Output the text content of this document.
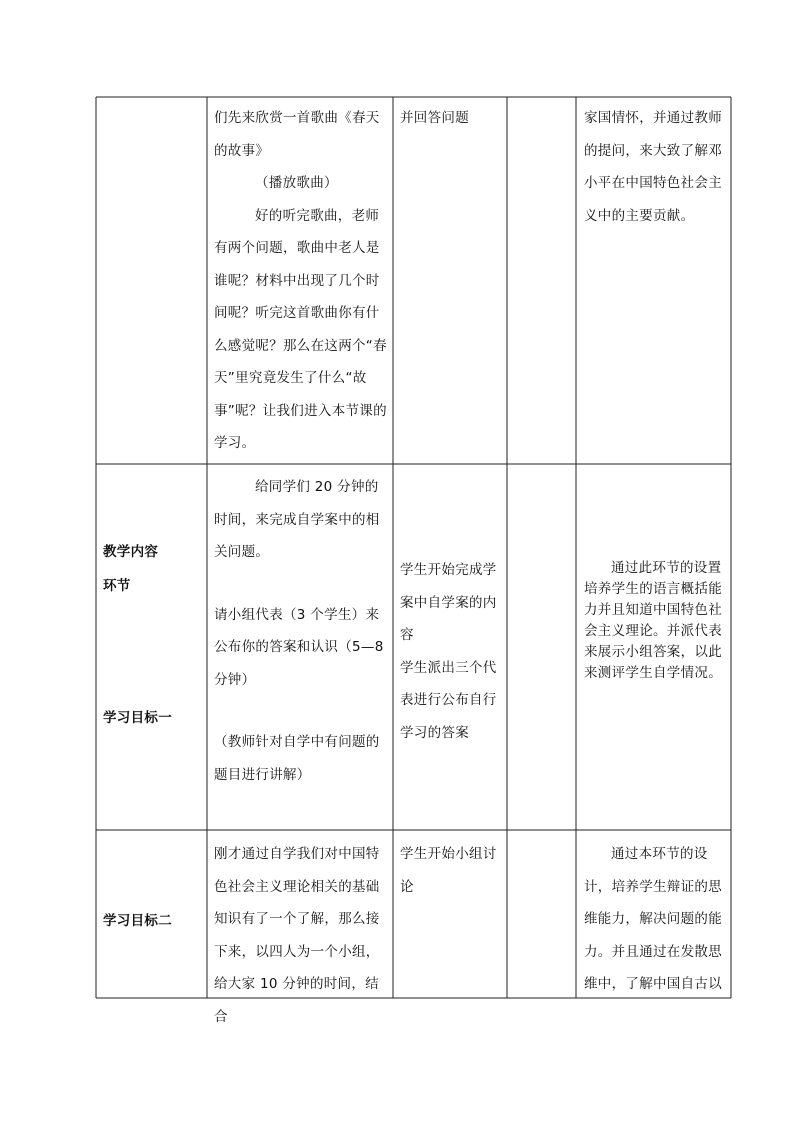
们先来欣赏一首歌曲《春天的故事》

（播放歌曲）

好的听完歌曲，老师有两个问题，歌曲中老人是谁呢？材料中出现了几个时间呢？听完这首歌曲你有什么感觉呢？那么在这两个“春天”里究竟发生了什么“故事”呢？让我们进入本节课的学习。

并回答问题	家国情怀，并通过教师的提问，来大致了解邓小平在中国特色社会主义中的主要贡献。

教学内容
环节
学习目标一

给同学们 20 分钟的时间，来完成自学案中的相关问题。

请小组代表（3 个学生）来公布你的答案和认识（5—8 分钟）

（教师针对自学中有问题的题目进行讲解）

学生开始完成学案中自学案的内容

学生派出三个代表进行公布自行学习的答案

通过此环节的设置培养学生的语言概括能力并且知道中国特色社会主义理论。并派代表来展示小组答案，以此来测评学生自学情况。

学习目标二

刚才通过自学我们对中国特色社会主义理论相关的基础知识有了一个了解，那么接下来，以四人为一个小组，给大家 10 分钟的时间，结合

学生开始小组讨论

通过本环节的设计，培养学生辩证的思维能力，解决问题的能力。并且通过在发散思维中，了解中国自古以
